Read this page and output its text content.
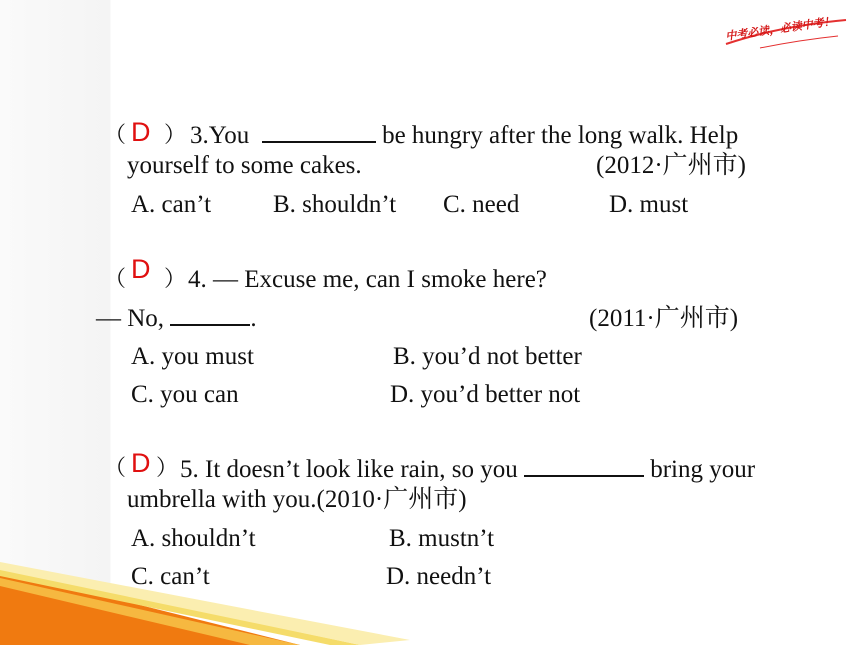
中考必读，必读中考！
（ D ） 3.You	be hungry after the long walk. Help
yourself to some cakes.	(2012·广州市)
A. can’t B. shouldn’t C. need	D. must
（ D ） 4. — Excuse me, can I smoke here?
— No,	.	(2011·广州市)
A. you must	B. you’d not better
C. you can	D. you’d better not
（ D ） 5. It doesn’t look like rain, so you	bring your
umbrella with you.(2010·广州市)
A. shouldn’t	B. mustn’t
C. can’t	D. needn’t
